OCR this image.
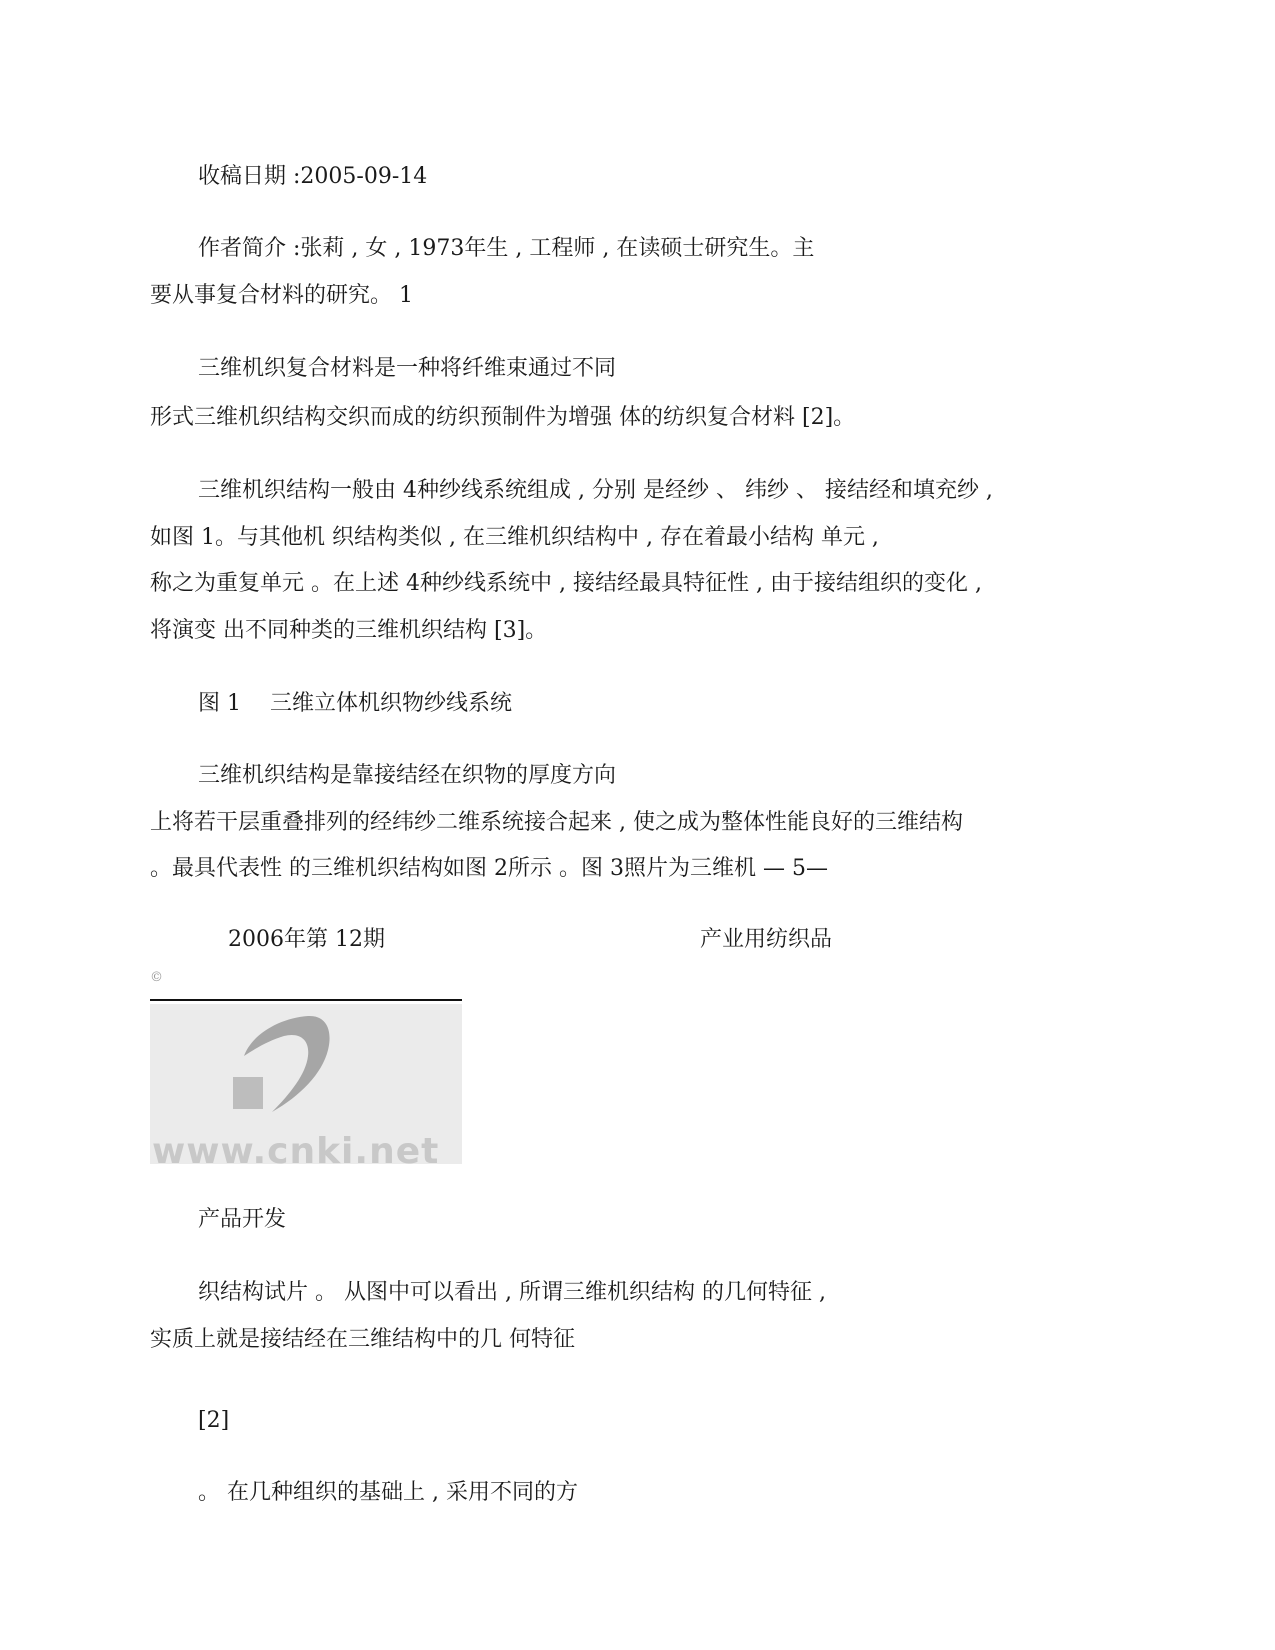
收稿日期 :2005-09-14
作者简介 :张莉 , 女 , 1973年生 , 工程师 , 在读硕士研究生。主
要从事复合材料的研究。 1
三维机织复合材料是一种将纤维束通过不同
形式三维机织结构交织而成的纺织预制件为增强 体的纺织复合材料 [2]。
三维机织结构一般由 4种纱线系统组成 , 分别 是经纱 、 纬纱 、 接结经和填充纱 ,
如图 1。与其他机 织结构类似 , 在三维机织结构中 , 存在着最小结构 单元 ,
称之为重复单元 。在上述 4种纱线系统中 , 接结经最具特征性 , 由于接结组织的变化 ,
将演变 出不同种类的三维机织结构 [3]。
图 1　 三维立体机织物纱线系统
三维机织结构是靠接结经在织物的厚度方向
上将若干层重叠排列的经纬纱二维系统接合起来 , 使之成为整体性能良好的三维结构
。最具代表性 的三维机织结构如图 2所示 。图 3照片为三维机 — 5—
2006年第 12期	产业用纺织品
©
www.cnki.net
产品开发
织结构试片 。 从图中可以看出 , 所谓三维机织结构 的几何特征 ,
实质上就是接结经在三维结构中的几 何特征
[2]
。 在几种组织的基础上 , 采用不同的方
